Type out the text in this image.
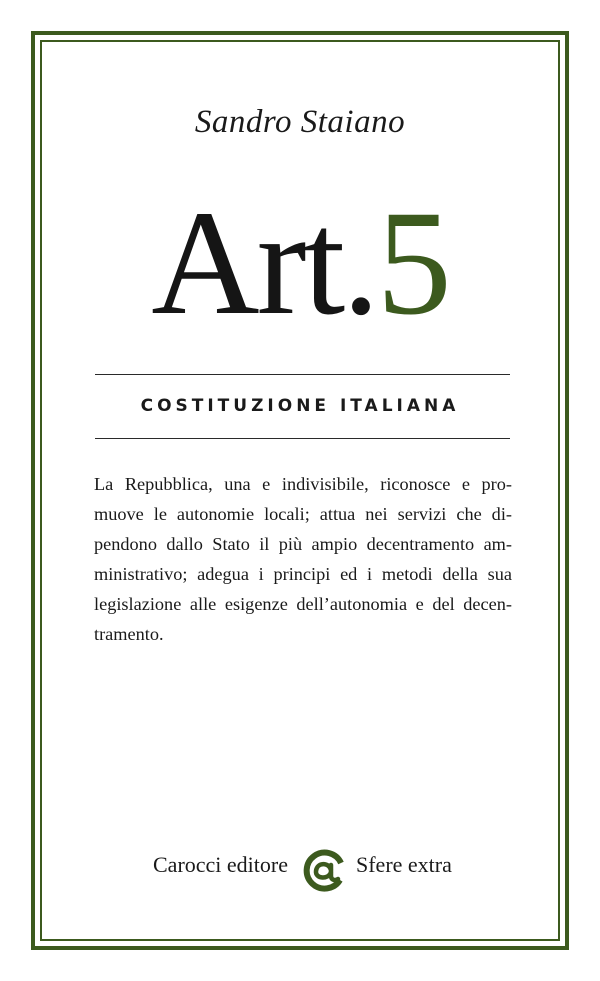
Sandro Staiano
Art.5
COSTITUZIONE ITALIANA
La Repubblica, una e indivisibile, riconosce e pro-
muove le autonomie locali; attua nei servizi che di-
pendono dallo Stato il più ampio decentramento am-
ministrativo; adegua i principi ed i metodi della sua
legislazione alle esigenze dell’autonomia e del decen-
tramento.
Carocci editore	Sfere extra
